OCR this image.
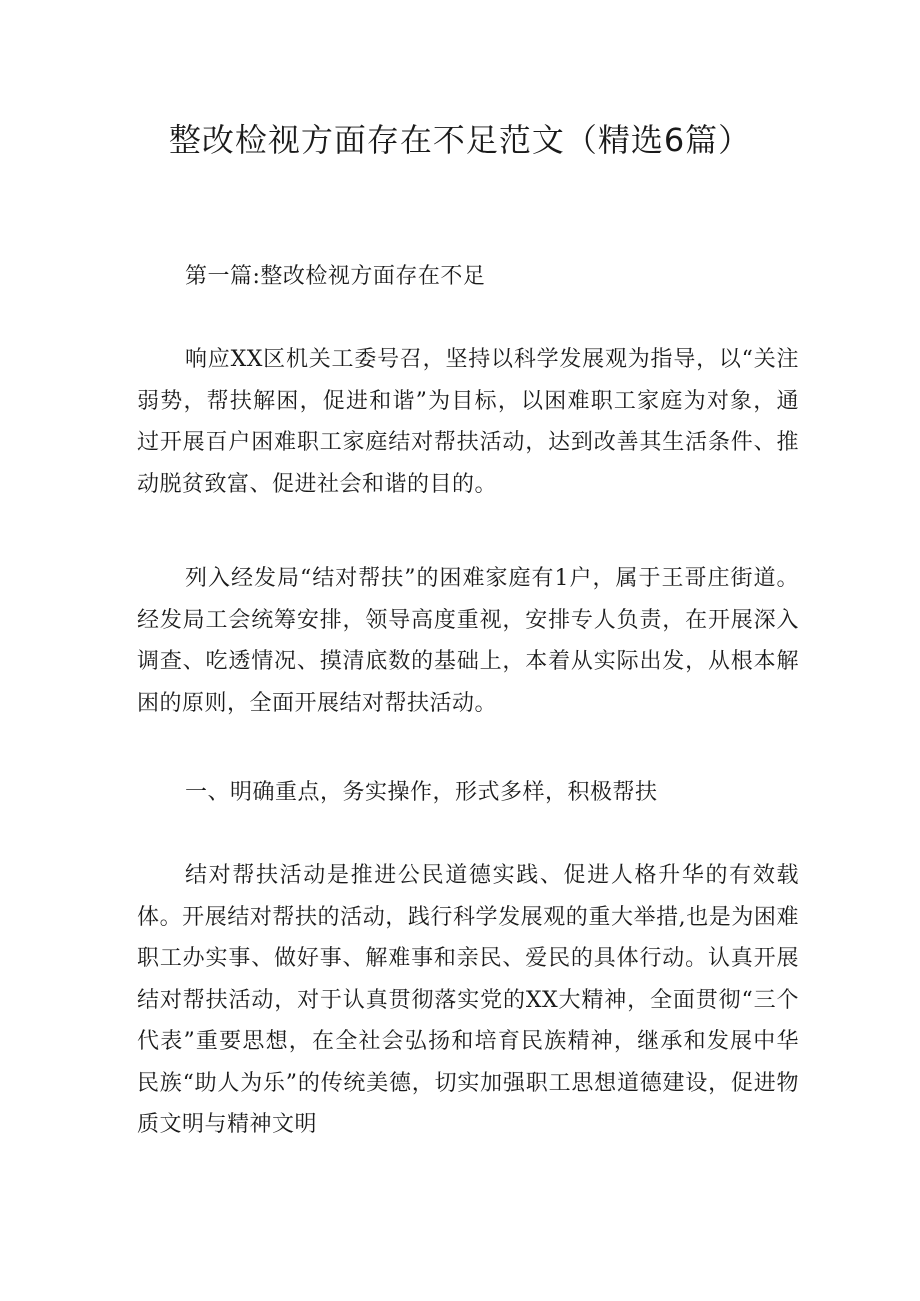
整改检视方面存在不足范文（精选6篇）

第一篇:整改检视方面存在不足

响应XX区机关工委号召，坚持以科学发展观为指导，以“关注弱势，帮扶解困，促进和谐”为目标，以困难职工家庭为对象，通过开展百户困难职工家庭结对帮扶活动，达到改善其生活条件、推动脱贫致富、促进社会和谐的目的。

列入经发局“结对帮扶”的困难家庭有1户，属于王哥庄街道。经发局工会统筹安排，领导高度重视，安排专人负责，在开展深入调查、吃透情况、摸清底数的基础上，本着从实际出发，从根本解困的原则，全面开展结对帮扶活动。

一、明确重点，务实操作，形式多样，积极帮扶

结对帮扶活动是推进公民道德实践、促进人格升华的有效载体。开展结对帮扶的活动，践行科学发展观的重大举措,也是为困难职工办实事、做好事、解难事和亲民、爱民的具体行动。认真开展结对帮扶活动，对于认真贯彻落实党的XX大精神，全面贯彻“三个代表”重要思想，在全社会弘扬和培育民族精神，继承和发展中华民族“助人为乐”的传统美德，切实加强职工思想道德建设，促进物质文明与精神文明
